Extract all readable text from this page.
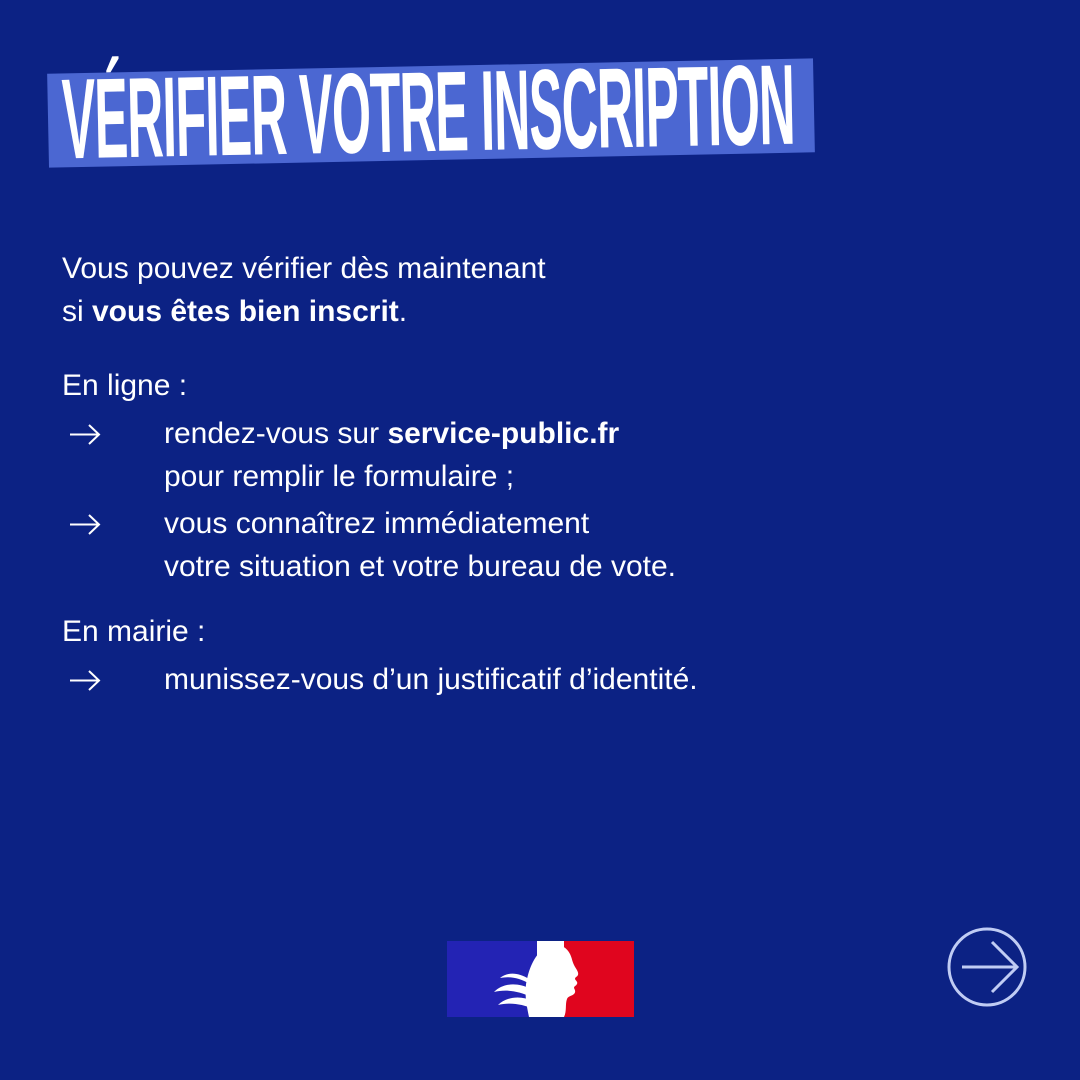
VÉRIFIER VOTRE INSCRIPTION

Vous pouvez vérifier dès maintenant
si vous êtes bien inscrit.

En ligne :

rendez-vous sur service-public.fr
pour remplir le formulaire ;
vous connaîtrez immédiatement
votre situation et votre bureau de vote.

En mairie :

munissez-vous d’un justificatif d’identité.
